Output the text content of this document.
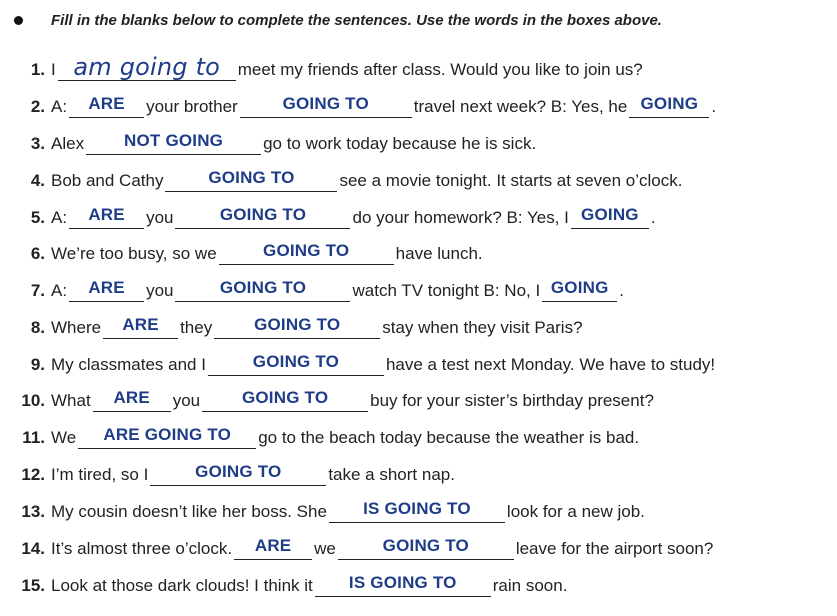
Fill in the blanks below to complete the sentences. Use the words in the boxes above.
1. I am going to	meet my friends after class. Would you like to join us?
2. A:	ARE	your brother	GOING TO	travel next week? B: Yes, he GOING .
3. Alex	NOT GOING	go to work today because he is sick.
4. Bob and Cathy	GOING TO	see a movie tonight. It starts at seven o’clock.
5. A:	ARE	you	GOING TO	do your homework? B: Yes, I GOING .
6. We’re too busy, so we	GOING TO	have lunch.
7. A:	ARE	you	GOING TO	watch TV tonight B: No, I GOING .
8. Where	ARE	they	GOING TO	stay when they visit Paris?
9. My classmates and I	GOING TO	have a test next Monday. We have to study!
10. What	ARE	you	GOING TO	buy for your sister’s birthday present?
11. We	ARE GOING TO	go to the beach today because the weather is bad.
12. I’m tired, so I	GOING TO	take a short nap.
13. My cousin doesn’t like her boss. She	IS GOING TO	look for a new job.
14. It’s almost three o’clock.	ARE	we	GOING TO	leave for the airport soon?
15. Look at those dark clouds! I think it	IS GOING TO	rain soon.
